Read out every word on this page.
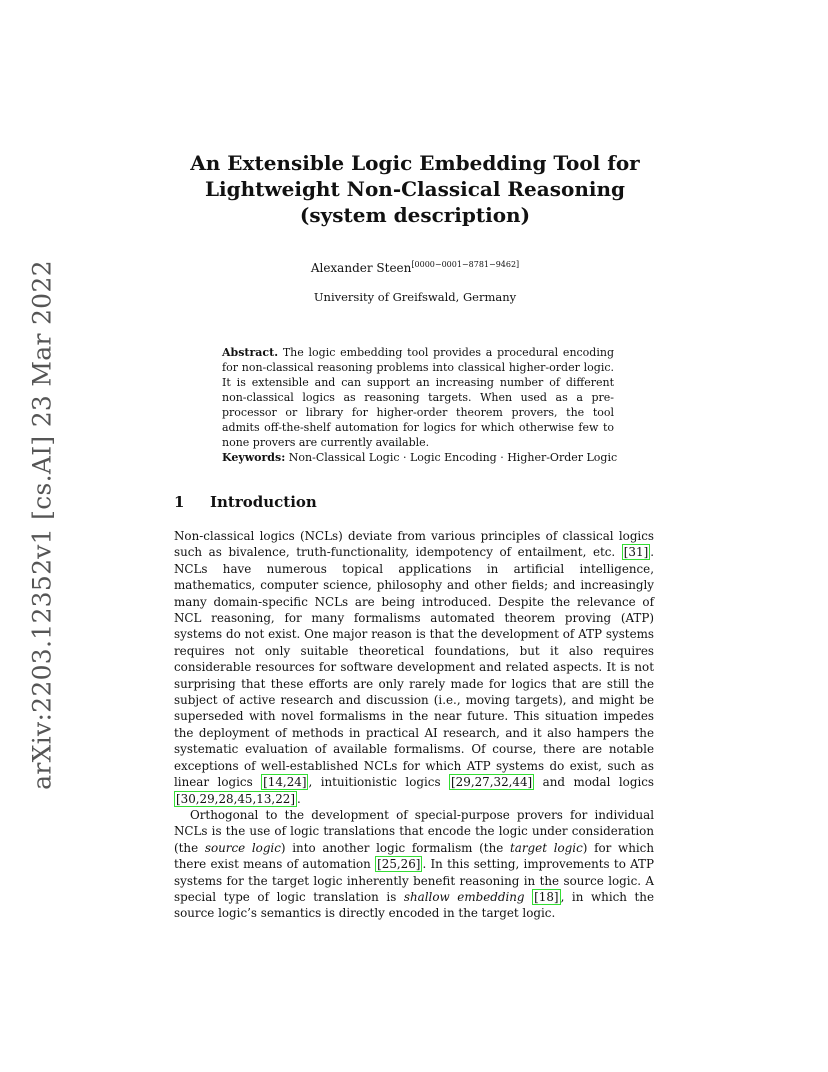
arXiv:2203.12352v1 [cs.AI] 23 Mar 2022
An Extensible Logic Embedding Tool for
Lightweight Non-Classical Reasoning
(system description)
Alexander Steen[0000−0001−8781−9462]
University of Greifswald, Germany
Abstract. The logic embedding tool provides a procedural encoding for non-classical reasoning problems into classical higher-order logic. It is extensible and can support an increasing number of different non-classical logics as reasoning targets. When used as a pre-processor or library for higher-order theorem provers, the tool admits off-the-shelf automation for logics for which otherwise few to none provers are currently available.
Keywords: Non-Classical Logic · Logic Encoding · Higher-Order Logic
1 Introduction

Non-classical logics (NCLs) deviate from various principles of classical logics such as bivalence, truth-functionality, idempotency of entailment, etc. [31] . NCLs have numerous topical applications in artificial intelligence, mathematics, computer science, philosophy and other fields; and increasingly many domain-specific NCLs are being introduced. Despite the relevance of NCL reasoning, for many formalisms automated theorem proving (ATP) systems do not exist. One major reason is that the development of ATP systems requires not only suitable theoretical foundations, but it also requires considerable resources for software development and related aspects. It is not surprising that these efforts are only rarely made for logics that are still the subject of active research and discussion (i.e., moving targets), and might be superseded with novel formalisms in the near future. This situation impedes the deployment of methods in practical AI research, and it also hampers the systematic evaluation of available formalisms. Of course, there are notable exceptions of well-established NCLs for which ATP systems do exist, such as linear logics [14,24] , intuitionistic logics [29,27,32,44] and modal logics [30,29,28,45,13,22] .

Orthogonal to the development of special-purpose provers for individual NCLs is the use of logic translations that encode the logic under consideration (the source logic) into another logic formalism (the target logic) for which there exist means of automation [25,26] . In this setting, improvements to ATP systems for the target logic inherently benefit reasoning in the source logic. A special type of logic translation is shallow embedding [18] , in which the source logic’s semantics is directly encoded in the target logic.
